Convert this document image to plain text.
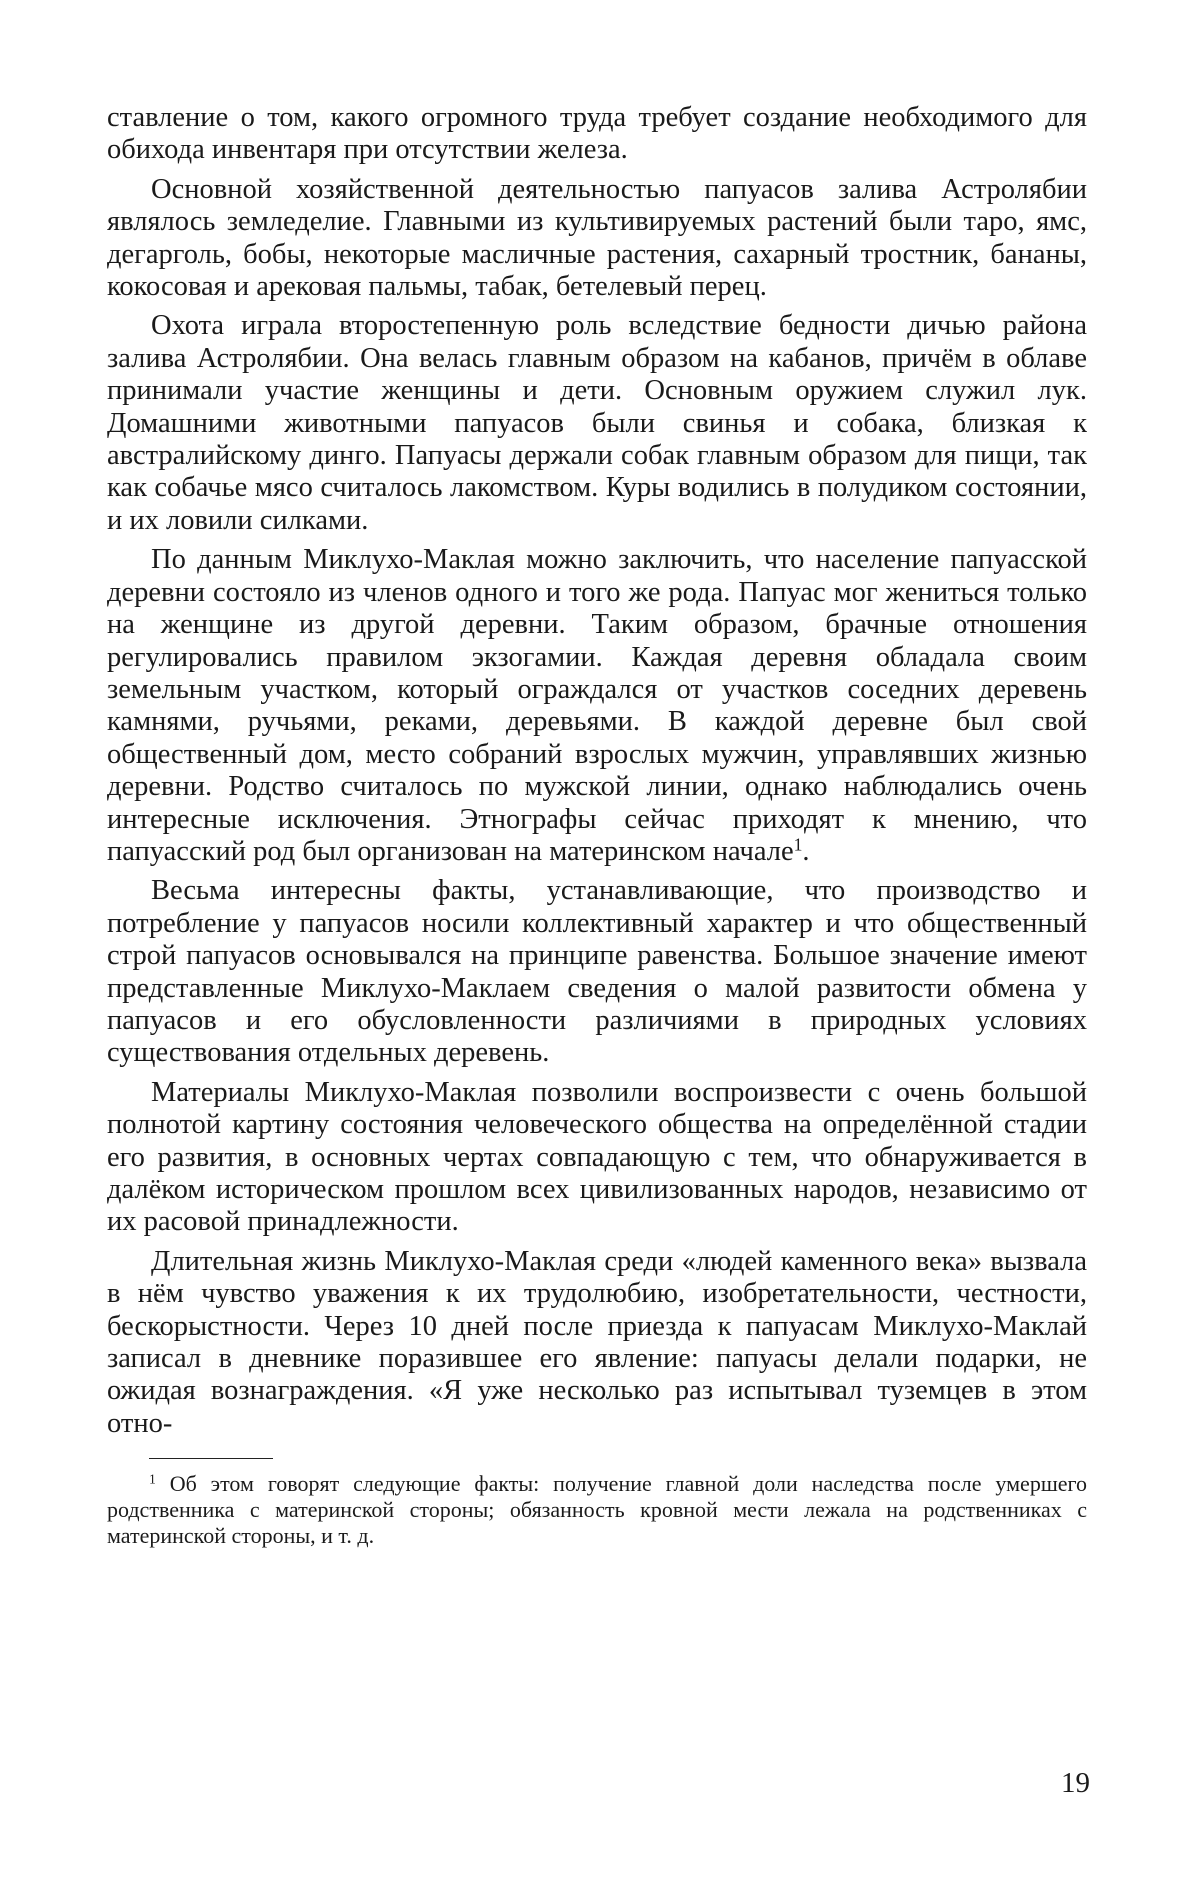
ставление о том, какого огромного труда требует создание необходимого для обихода инвентаря при отсутствии железа.

Основной хозяйственной деятельностью папуасов залива Астролябии являлось земледелие. Главными из культивируемых растений были таро, ямс, дегарголь, бобы, некоторые масличные растения, сахарный тростник, бананы, кокосовая и арековая пальмы, табак, бетелевый перец.

Охота играла второстепенную роль вследствие бедности дичью района залива Астролябии. Она велась главным образом на кабанов, причём в облаве принимали участие женщины и дети. Основным оружием служил лук. Домашними животными папуасов были свинья и собака, близкая к австралийскому динго. Папуасы держали собак главным образом для пищи, так как собачье мясо считалось лакомством. Куры водились в полудиком состоянии, и их ловили силками.

По данным Миклухо-Маклая можно заключить, что население папуасской деревни состояло из членов одного и того же рода. Папуас мог жениться только на женщине из другой деревни. Таким образом, брачные отношения регулировались правилом экзогамии. Каждая деревня обладала своим земельным участком, который ограждался от участков соседних деревень камнями, ручьями, реками, деревьями. В каждой деревне был свой общественный дом, место собраний взрослых мужчин, управлявших жизнью деревни. Родство считалось по мужской линии, однако наблюдались очень интересные исключения. Этнографы сейчас приходят к мнению, что папуасский род был организован на материнском начале$^1$.

Весьма интересны факты, устанавливающие, что производство и потребление у папуасов носили коллективный характер и что общественный строй папуасов основывался на принципе равенства. Большое значение имеют представленные Миклухо-Маклаем сведения о малой развитости обмена у папуасов и его обусловленности различиями в природных условиях существования отдельных деревень.

Материалы Миклухо-Маклая позволили воспроизвести с очень большой полнотой картину состояния человеческого общества на определённой стадии его развития, в основных чертах совпадающую с тем, что обнаруживается в далёком историческом прошлом всех цивилизованных народов, независимо от их расовой принадлежности.

Длительная жизнь Миклухо-Маклая среди «людей каменного века» вызвала в нём чувство уважения к их трудолюбию, изобретательности, честности, бескорыстности. Через 10 дней после приезда к папуасам Миклухо-Маклай записал в дневнике поразившее его явление: папуасы делали подарки, не ожидая вознаграждения. «Я уже несколько раз испытывал туземцев в этом отно-

$^1$ Об этом говорят следующие факты: получение главной доли наследства после умершего родственника с материнской стороны; обязанность кровной мести лежала на родственниках с материнской стороны, и т. д.

19
